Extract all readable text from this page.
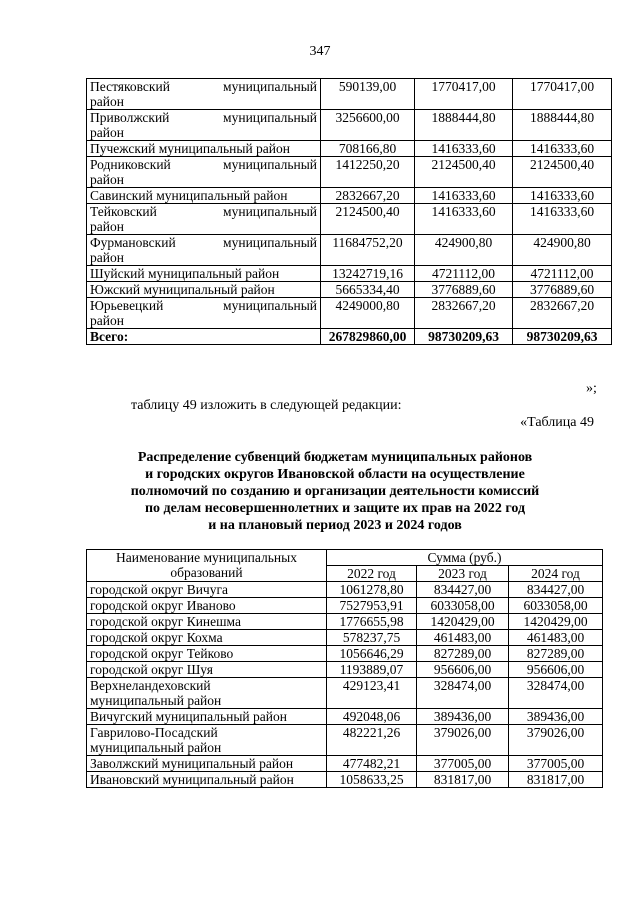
347
Пестяковский муниципальный
район	590139,00	1770417,00	1770417,00

Приволжский муниципальный
район	3256600,00	1888444,80	1888444,80

Пучежский муниципальный район	708166,80	1416333,60	1416333,60

Родниковский муниципальный
район	1412250,20	2124500,40	2124500,40

Савинский муниципальный район	2832667,20	1416333,60	1416333,60

Тейковский муниципальный
район	2124500,40	1416333,60	1416333,60

Фурмановский муниципальный
район	11684752,20	424900,80	424900,80

Шуйский муниципальный район	13242719,16	4721112,00	4721112,00

Южский муниципальный район	5665334,40	3776889,60	3776889,60

Юрьевецкий муниципальный
район	4249000,80	2832667,20	2832667,20
Всего:	267829860,00	98730209,63	98730209,63
»;
таблицу 49 изложить в следующей редакции:
«Таблица 49
Распределение субвенций бюджетам муниципальных районов
и городских округов Ивановской области на осуществление
полномочий по созданию и организации деятельности комиссий
по делам несовершеннолетних и защите их прав на 2022 год
и на плановый период 2023 и 2024 годов
Наименование муниципальных
образований	Сумма (руб.)		
	2022 год	2023 год	2024 год

городской округ Вичуга	1061278,80	834427,00	834427,00

городской округ Иваново	7527953,91	6033058,00	6033058,00

городской округ Кинешма	1776655,98	1420429,00	1420429,00

городской округ Кохма	578237,75	461483,00	461483,00

городской округ Тейково	1056646,29	827289,00	827289,00

городской округ Шуя	1193889,07	956606,00	956606,00

Верхнеландеховский
муниципальный район	429123,41	328474,00	328474,00

Вичугский муниципальный район	492048,06	389436,00	389436,00

Гаврилово-Посадский
муниципальный район	482221,26	379026,00	379026,00

Заволжский муниципальный район	477482,21	377005,00	377005,00

Ивановский муниципальный район	1058633,25	831817,00	831817,00
